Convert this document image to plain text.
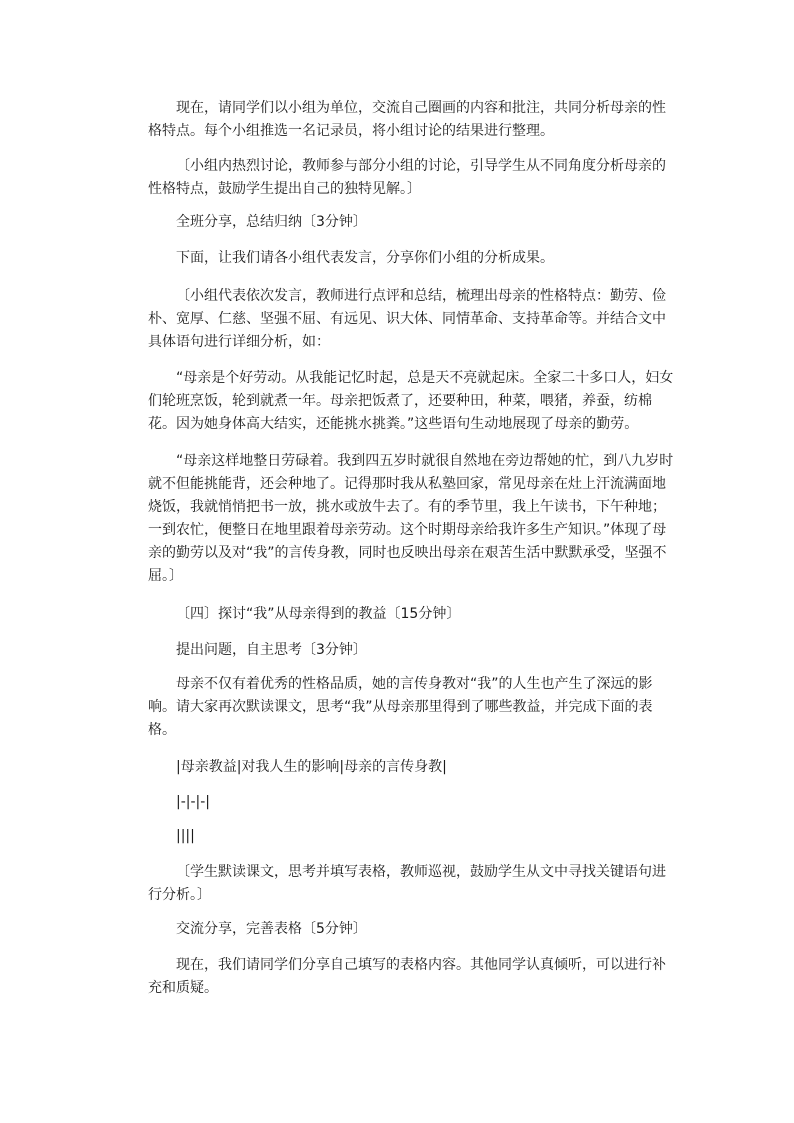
现在，请同学们以小组为单位，交流自己圈画的内容和批注，共同分析母亲的性格特点。每个小组推选一名记录员，将小组讨论的结果进行整理。

〔小组内热烈讨论，教师参与部分小组的讨论，引导学生从不同角度分析母亲的性格特点，鼓励学生提出自己的独特见解。〕

全班分享，总结归纳〔3分钟〕

下面，让我们请各小组代表发言，分享你们小组的分析成果。

〔小组代表依次发言，教师进行点评和总结，梳理出母亲的性格特点：勤劳、俭朴、宽厚、仁慈、坚强不屈、有远见、识大体、同情革命、支持革命等。并结合文中具体语句进行详细分析，如：

“母亲是个好劳动。从我能记忆时起，总是天不亮就起床。全家二十多口人，妇女们轮班烹饭，轮到就煮一年。母亲把饭煮了，还要种田，种菜，喂猪，养蚕，纺棉花。因为她身体高大结实，还能挑水挑粪。”这些语句生动地展现了母亲的勤劳。

“母亲这样地整日劳碌着。我到四五岁时就很自然地在旁边帮她的忙，到八九岁时就不但能挑能背，还会种地了。记得那时我从私塾回家，常见母亲在灶上汗流满面地烧饭，我就悄悄把书一放，挑水或放牛去了。有的季节里，我上午读书，下午种地；一到农忙，便整日在地里跟着母亲劳动。这个时期母亲给我许多生产知识。”体现了母亲的勤劳以及对“我”的言传身教，同时也反映出母亲在艰苦生活中默默承受，坚强不屈。〕

〔四〕探讨“我”从母亲得到的教益〔15分钟〕

提出问题，自主思考〔3分钟〕

母亲不仅有着优秀的性格品质，她的言传身教对“我”的人生也产生了深远的影响。请大家再次默读课文，思考“我”从母亲那里得到了哪些教益，并完成下面的表格。

|母亲教益|对我人生的影响|母亲的言传身教|

|-|-|-|

||||

〔学生默读课文，思考并填写表格，教师巡视，鼓励学生从文中寻找关键语句进行分析。〕

交流分享，完善表格〔5分钟〕

现在，我们请同学们分享自己填写的表格内容。其他同学认真倾听，可以进行补充和质疑。
